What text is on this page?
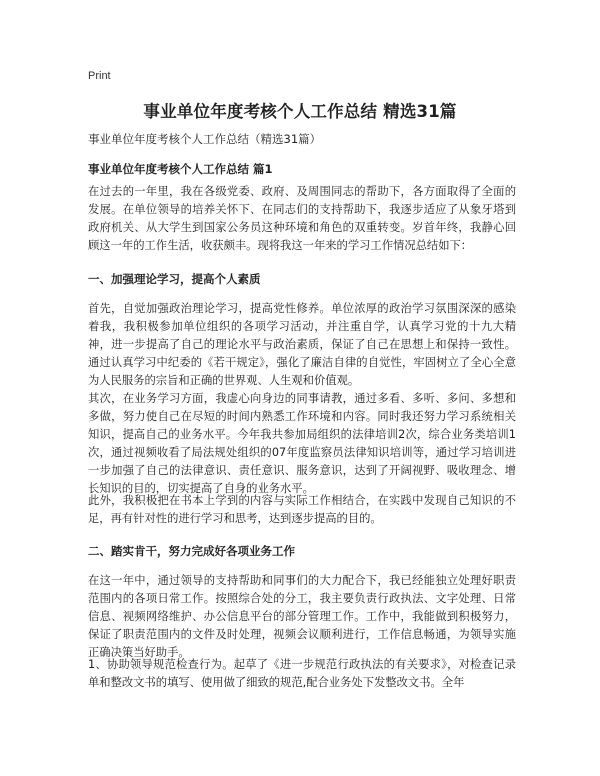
Print
事业单位年度考核个人工作总结 精选31篇
事业单位年度考核个人工作总结（精选31篇）
事业单位年度考核个人工作总结 篇1

在过去的一年里，我在各级党委、政府、及周围同志的帮助下，各方面取得了全面的发展。在单位领导的培养关怀下、在同志们的支持帮助下，我逐步适应了从象牙塔到政府机关、从大学生到国家公务员这种环境和角色的双重转变。岁首年终，我静心回顾这一年的工作生活，收获颇丰。现将我这一年来的学习工作情况总结如下：

一、加强理论学习，提高个人素质

首先，自觉加强政治理论学习，提高党性修养。单位浓厚的政治学习氛围深深的感染着我，我积极参加单位组织的各项学习活动，并注重自学，认真学习党的十九大精神，进一步提高了自己的理论水平与政治素质，保证了自己在思想上和保持一致性。通过认真学习中纪委的《若干规定》，强化了廉洁自律的自觉性，牢固树立了全心全意为人民服务的宗旨和正确的世界观、人生观和价值观。

其次，在业务学习方面，我虚心向身边的同事请教，通过多看、多听、多问、多想和多做，努力使自己在尽短的时间内熟悉工作环境和内容。同时我还努力学习系统相关知识，提高自己的业务水平。今年我共参加局组织的法律培训2次，综合业务类培训1次，通过视频收看了局法规处组织的07年度监察员法律知识培训等，通过学习培训进一步加强了自己的法律意识、责任意识、服务意识，达到了开阔视野、吸收理念、增长知识的目的，切实提高了自身的业务水平。

此外，我积极把在书本上学到的内容与实际工作相结合，在实践中发现自己知识的不足，再有针对性的进行学习和思考，达到逐步提高的目的。

二、踏实肯干，努力完成好各项业务工作

在这一年中，通过领导的支持帮助和同事们的大力配合下，我已经能独立处理好职责范围内的各项日常工作。按照综合处的分工，我主要负责行政执法、文字处理、日常信息、视频网络维护、办公信息平台的部分管理工作。工作中，我能做到积极努力，保证了职责范围内的文件及时处理，视频会议顺利进行，工作信息畅通，为领导实施正确决策当好助手。

1、协助领导规范检查行为。起草了《进一步规范行政执法的有关要求》，对检查记录单和整改文书的填写、使用做了细致的规范,配合业务处下发整改文书。全年
